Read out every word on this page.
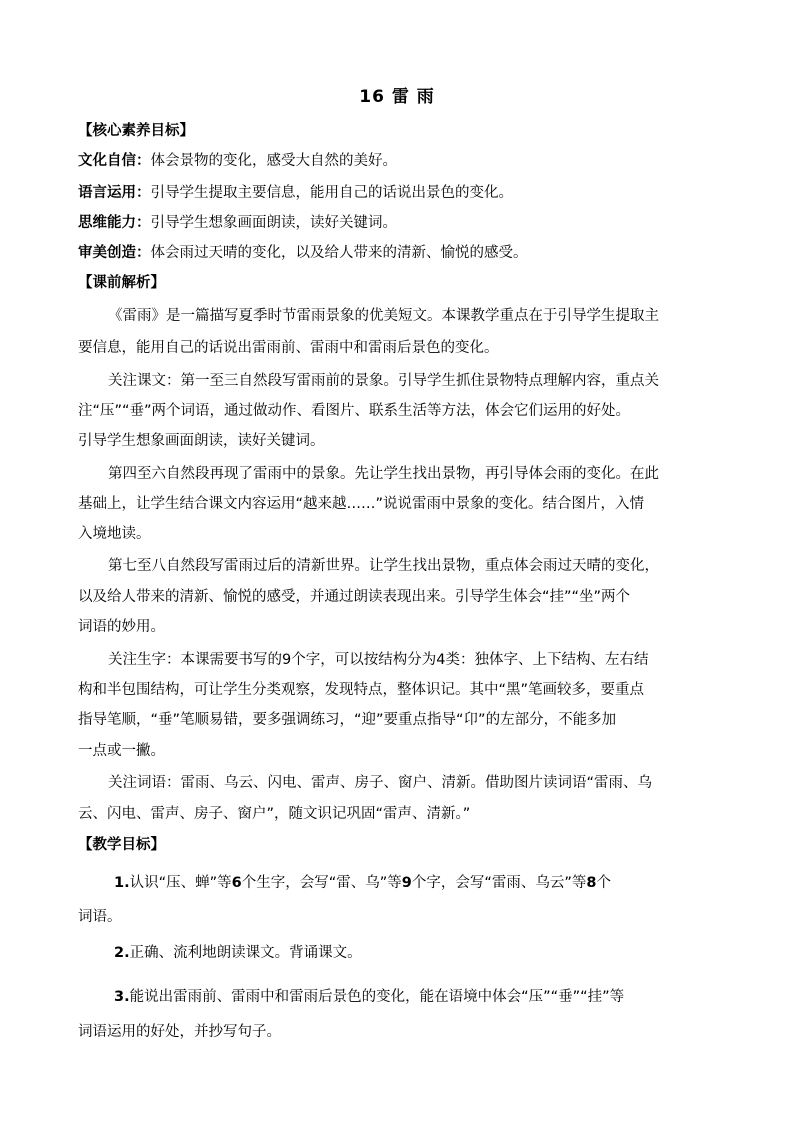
16 雷 雨
【核心素养目标】
文化自信：体会景物的变化，感受大自然的美好。
语言运用：引导学生提取主要信息，能用自己的话说出景色的变化。
思维能力：引导学生想象画面朗读，读好关键词。
审美创造：体会雨过天晴的变化，以及给人带来的清新、愉悦的感受。
【课前解析】
《雷雨》是一篇描写夏季时节雷雨景象的优美短文。本课教学重点在于引导学生提取主
要信息，能用自己的话说出雷雨前、雷雨中和雷雨后景色的变化。
关注课文：第一至三自然段写雷雨前的景象。引导学生抓住景物特点理解内容，重点关
注“压”“垂”两个词语，通过做动作、看图片、联系生活等方法，体会它们运用的好处。
引导学生想象画面朗读，读好关键词。
第四至六自然段再现了雷雨中的景象。先让学生找出景物，再引导体会雨的变化。在此
基础上，让学生结合课文内容运用“越来越……”说说雷雨中景象的变化。结合图片，入情
入境地读。
第七至八自然段写雷雨过后的清新世界。让学生找出景物，重点体会雨过天晴的变化，
以及给人带来的清新、愉悦的感受，并通过朗读表现出来。引导学生体会“挂”“坐”两个
词语的妙用。
关注生字：本课需要书写的9个字，可以按结构分为4类：独体字、上下结构、左右结
构和半包围结构，可让学生分类观察，发现特点，整体识记。其中“黑”笔画较多，要重点
指导笔顺，“垂”笔顺易错，要多强调练习，“迎”要重点指导“卬”的左部分，不能多加
一点或一撇。
关注词语：雷雨、乌云、闪电、雷声、房子、窗户、清新。借助图片读词语“雷雨、乌
云、闪电、雷声、房子、窗户”，随文识记巩固“雷声、清新。”
【教学目标】
1.认识“压、蝉”等6个生字，会写“雷、乌”等9个字，会写“雷雨、乌云”等8个
词语。
2.正确、流利地朗读课文。背诵课文。
3.能说出雷雨前、雷雨中和雷雨后景色的变化，能在语境中体会“压”“垂”“挂”等
词语运用的好处，并抄写句子。
